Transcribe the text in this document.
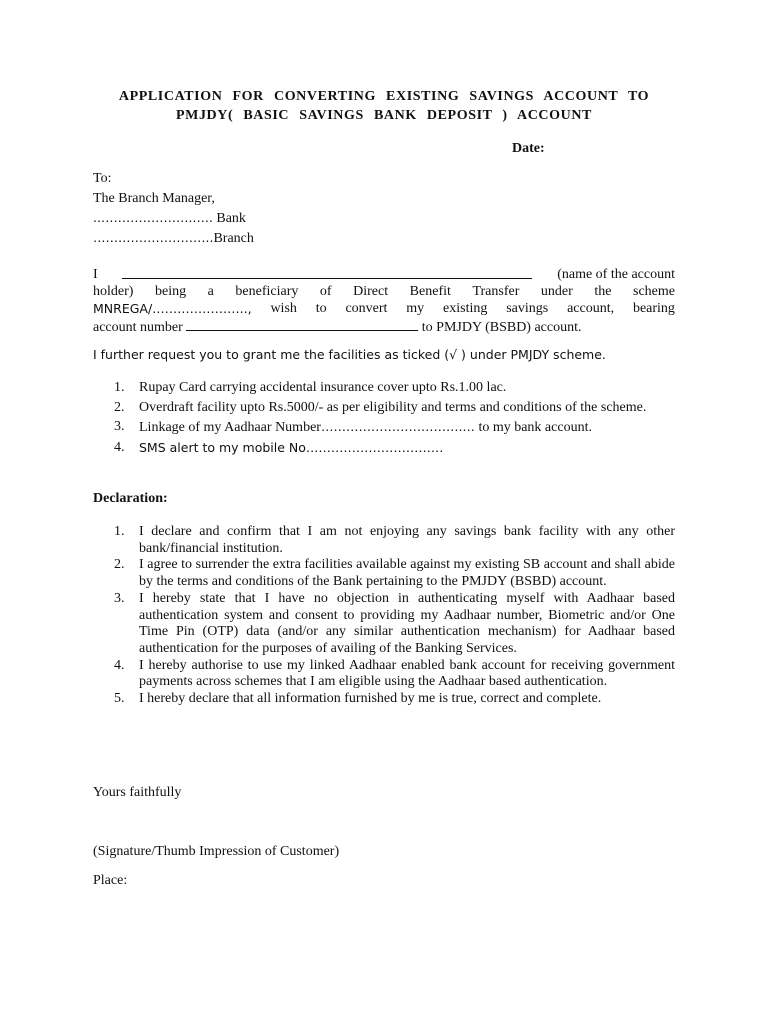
APPLICATION FOR CONVERTING EXISTING SAVINGS ACCOUNT TO
PMJDY( BASIC SAVINGS BANK DEPOSIT ) ACCOUNT
Date:
To:
The Branch Manager,
..………………….….. Bank
………………………..Branch
I	(name of the account
holder) being a beneficiary of Direct Benefit Transfer under the scheme
MNREGA/………………….., wish to convert my existing savings account, bearing
account number	to PMJDY (BSBD) account.
I further request you to grant me the facilities as ticked (√ ) under PMJDY scheme.
1. Rupay Card carrying accidental insurance cover upto Rs.1.00 lac.
2. Overdraft facility upto Rs.5000/- as per eligibility and terms and conditions of the scheme.
3. Linkage of my Aadhaar Number…………………………….… to my bank account.
4. SMS alert to my mobile No……………………………
Declaration:
1. I declare and confirm that I am not enjoying any savings bank facility with any other bank/financial institution.
2. I agree to surrender the extra facilities available against my existing SB account and shall abide by the terms and conditions of the Bank pertaining to the PMJDY (BSBD) account.
3. I hereby state that I have no objection in authenticating myself with Aadhaar based authentication system and consent to providing my Aadhaar number, Biometric and/or One Time Pin (OTP) data (and/or any similar authentication mechanism) for Aadhaar based authentication for the purposes of availing of the Banking Services.
4. I hereby authorise to use my linked Aadhaar enabled bank account for receiving government payments across schemes that I am eligible using the Aadhaar based authentication.
5. I hereby declare that all information furnished by me is true, correct and complete.
Yours faithfully
(Signature/Thumb Impression of Customer)
Place:
